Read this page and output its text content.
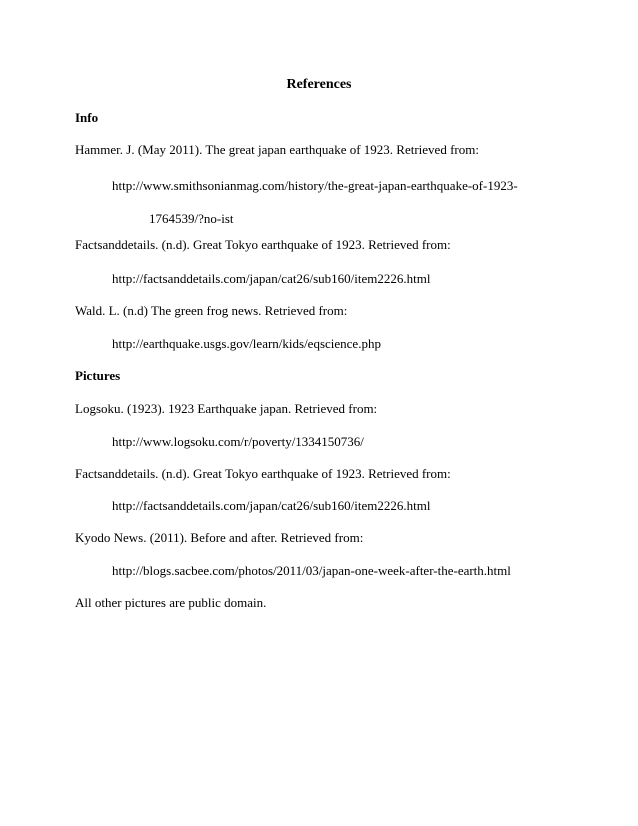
References
Info
Hammer. J. (May 2011). The great japan earthquake of 1923. Retrieved from:
http://www.smithsonianmag.com/history/the-great-japan-earthquake-of-1923-
1764539/?no-ist
Factsanddetails. (n.d). Great Tokyo earthquake of 1923. Retrieved from:
http://factsanddetails.com/japan/cat26/sub160/item2226.html
Wald. L. (n.d) The green frog news. Retrieved from:
http://earthquake.usgs.gov/learn/kids/eqscience.php
Pictures
Logsoku. (1923). 1923 Earthquake japan. Retrieved from:
http://www.logsoku.com/r/poverty/1334150736/
Factsanddetails. (n.d). Great Tokyo earthquake of 1923. Retrieved from:
http://factsanddetails.com/japan/cat26/sub160/item2226.html
Kyodo News. (2011). Before and after. Retrieved from:
http://blogs.sacbee.com/photos/2011/03/japan-one-week-after-the-earth.html
All other pictures are public domain.
